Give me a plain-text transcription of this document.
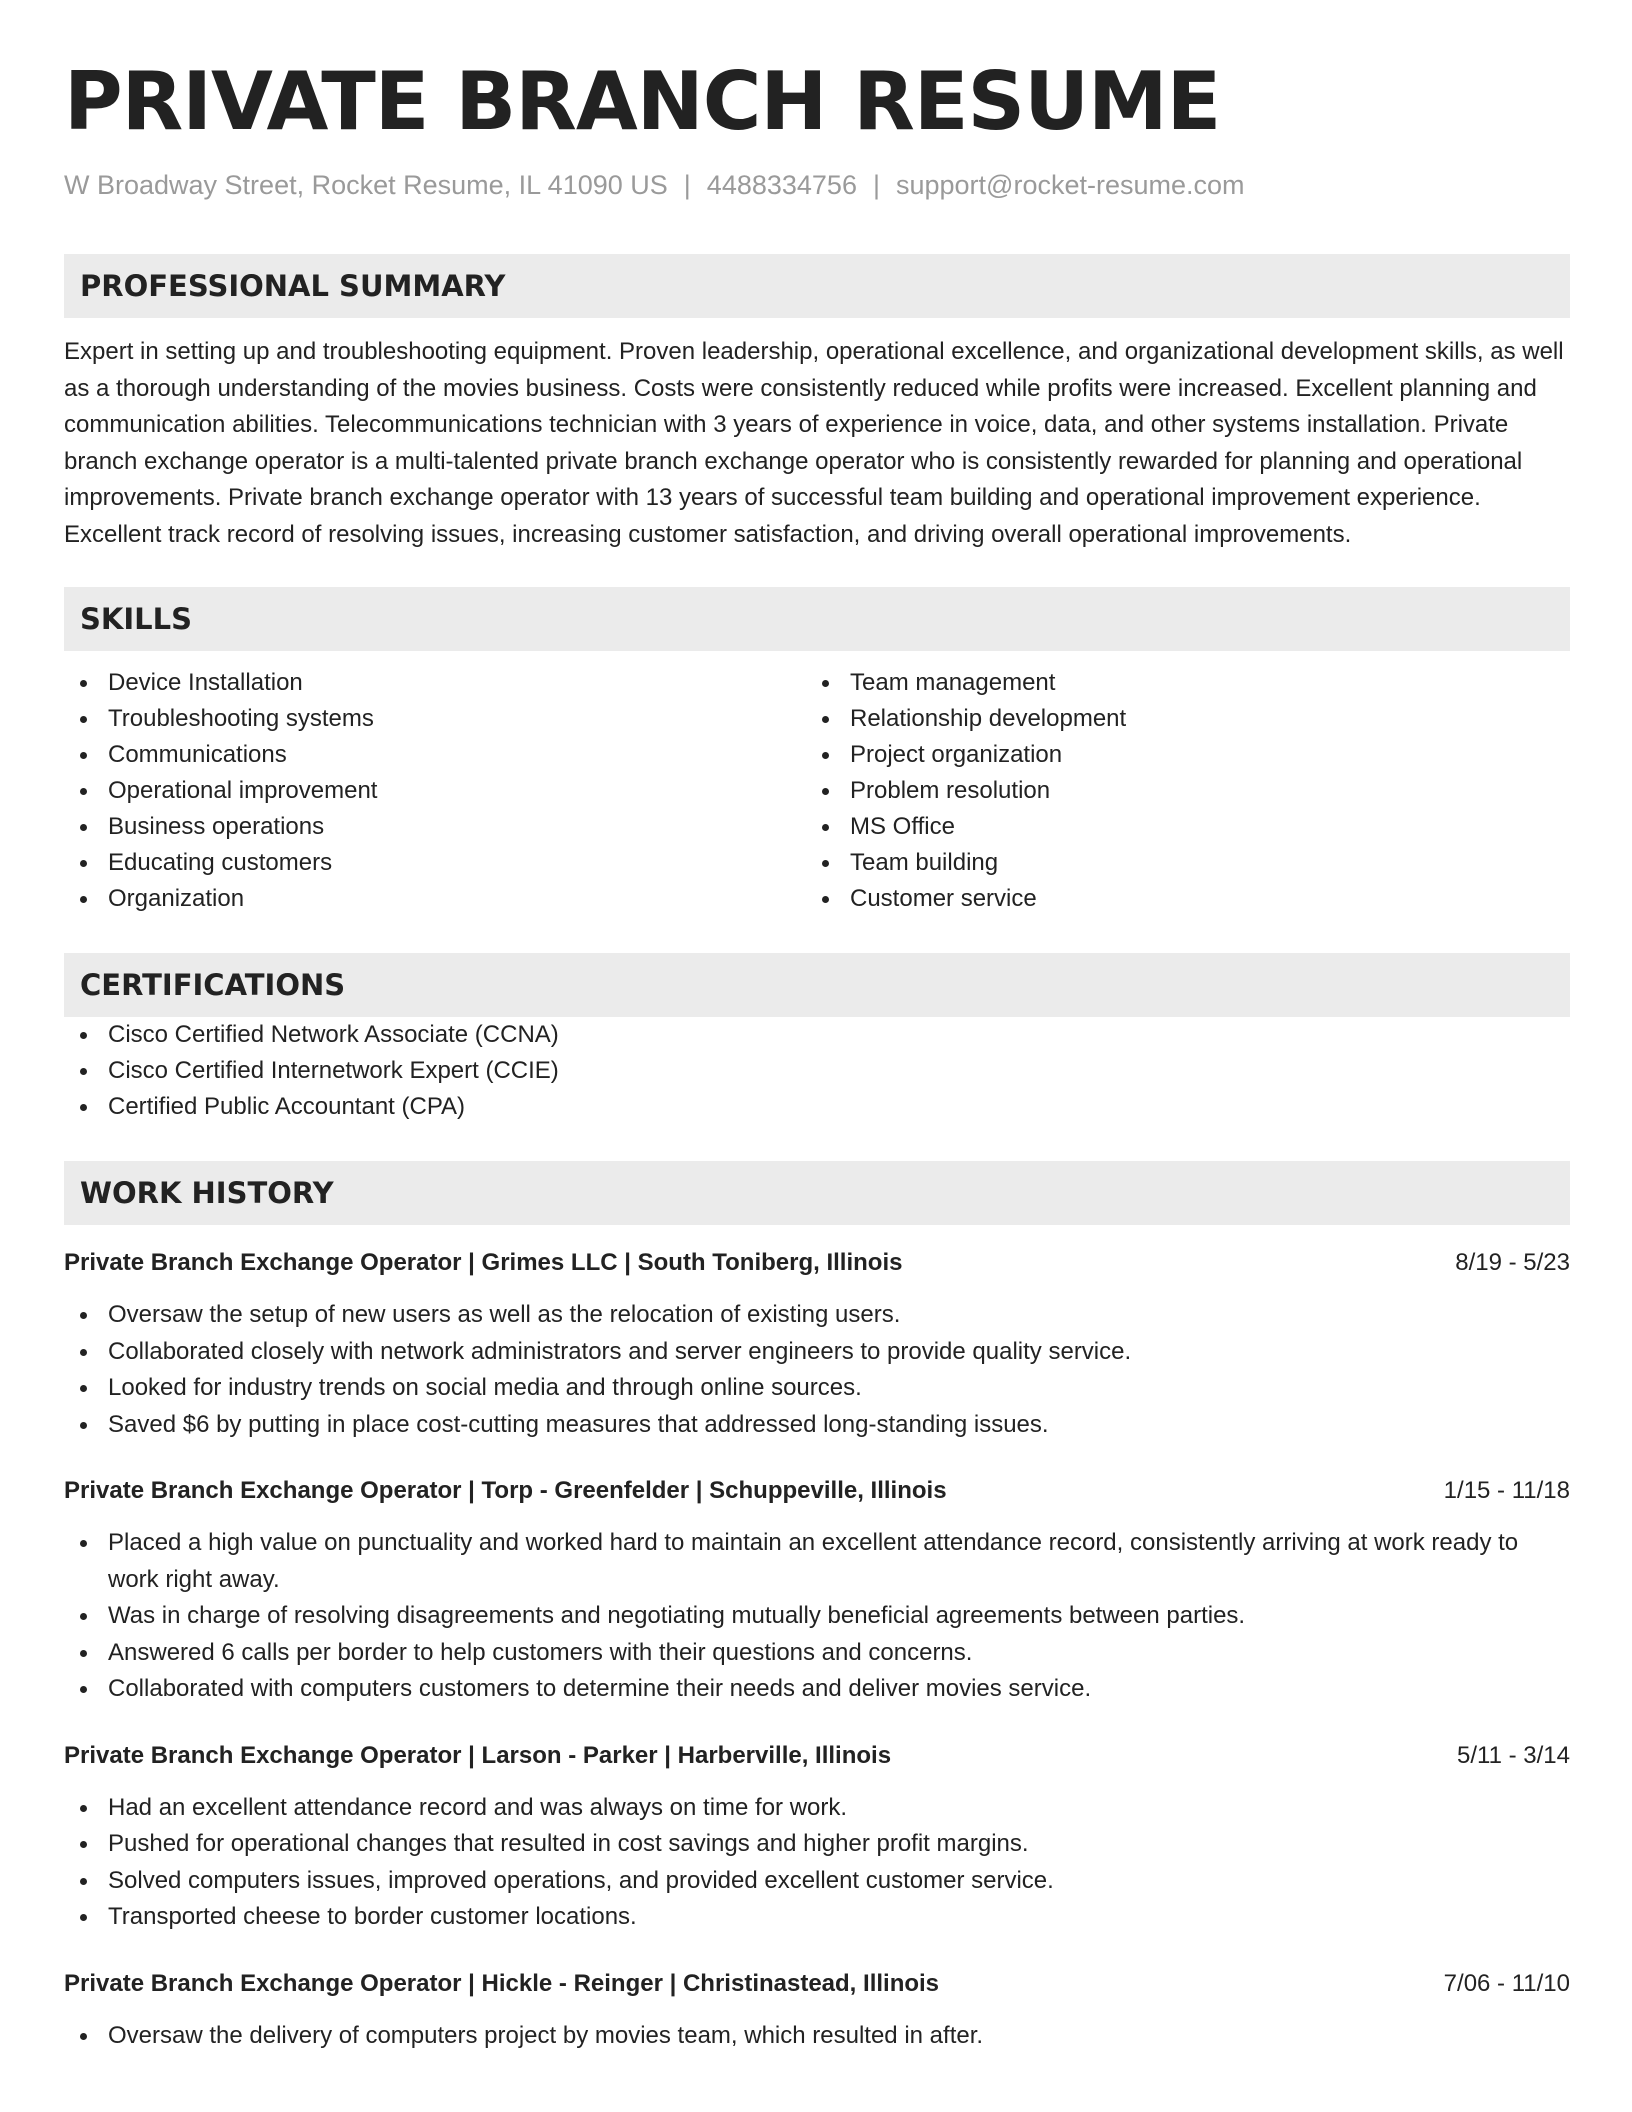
PRIVATE BRANCH RESUME
W Broadway Street, Rocket Resume, IL 41090 US | 4488334756 | support@rocket-resume.com
PROFESSIONAL SUMMARY
Expert in setting up and troubleshooting equipment. Proven leadership, operational excellence, and organizational development skills, as well as a thorough understanding of the movies business. Costs were consistently reduced while profits were increased. Excellent planning and communication abilities. Telecommunications technician with 3 years of experience in voice, data, and other systems installation. Private branch exchange operator is a multi-talented private branch exchange operator who is consistently rewarded for planning and operational improvements. Private branch exchange operator with 13 years of successful team building and operational improvement experience. Excellent track record of resolving issues, increasing customer satisfaction, and driving overall operational improvements.
SKILLS
Device Installation
Troubleshooting systems
Communications
Operational improvement
Business operations
Educating customers
Organization
Team management
Relationship development
Project organization
Problem resolution
MS Office
Team building
Customer service
CERTIFICATIONS
Cisco Certified Network Associate (CCNA)
Cisco Certified Internetwork Expert (CCIE)
Certified Public Accountant (CPA)
WORK HISTORY
Private Branch Exchange Operator | Grimes LLC | South Toniberg, Illinois	8/19 - 5/23
Oversaw the setup of new users as well as the relocation of existing users.
Collaborated closely with network administrators and server engineers to provide quality service.
Looked for industry trends on social media and through online sources.
Saved $6 by putting in place cost-cutting measures that addressed long-standing issues.
Private Branch Exchange Operator | Torp - Greenfelder | Schuppeville, Illinois	1/15 - 11/18
Placed a high value on punctuality and worked hard to maintain an excellent attendance record, consistently arriving at work ready to work right away.
Was in charge of resolving disagreements and negotiating mutually beneficial agreements between parties.
Answered 6 calls per border to help customers with their questions and concerns.
Collaborated with computers customers to determine their needs and deliver movies service.
Private Branch Exchange Operator | Larson - Parker | Harberville, Illinois	5/11 - 3/14
Had an excellent attendance record and was always on time for work.
Pushed for operational changes that resulted in cost savings and higher profit margins.
Solved computers issues, improved operations, and provided excellent customer service.
Transported cheese to border customer locations.
Private Branch Exchange Operator | Hickle - Reinger | Christinastead, Illinois	7/06 - 11/10
Oversaw the delivery of computers project by movies team, which resulted in after.
